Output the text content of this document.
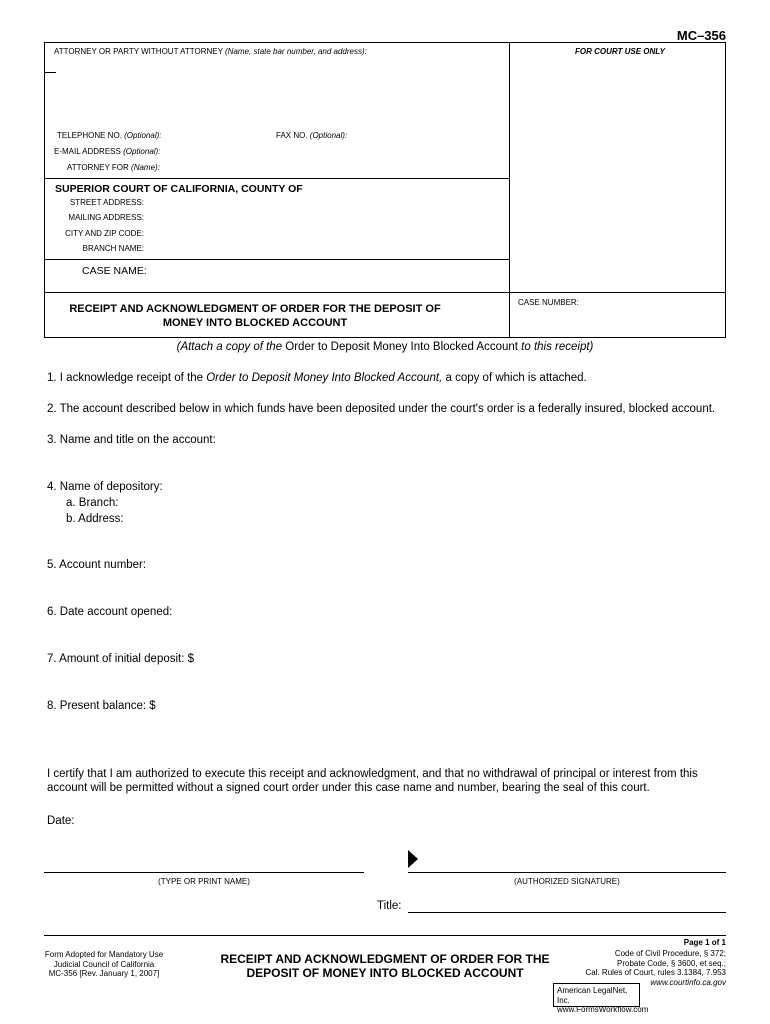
MC–356
ATTORNEY OR PARTY WITHOUT ATTORNEY (Name, state bar number, and address):	FOR COURT USE ONLY
TELEPHONE NO. (Optional):	FAX NO. (Optional):
E-MAIL ADDRESS (Optional):
ATTORNEY FOR (Name):
SUPERIOR COURT OF CALIFORNIA, COUNTY OF
STREET ADDRESS:
MAILING ADDRESS:
CITY AND ZIP CODE:
BRANCH NAME:
CASE NAME:
CASE NUMBER:
RECEIPT AND ACKNOWLEDGMENT OF ORDER FOR THE DEPOSIT OF
MONEY INTO BLOCKED ACCOUNT
(Attach a copy of the Order to Deposit Money Into Blocked Account to this receipt)
1. I acknowledge receipt of the Order to Deposit Money Into Blocked Account, a copy of which is attached.
2. The account described below in which funds have been deposited under the court's order is a federally insured, blocked account.
3. Name and title on the account:
4. Name of depository:
a. Branch:
b. Address:
5. Account number:
6. Date account opened:
7. Amount of initial deposit: $
8. Present balance: $
I certify that I am authorized to execute this receipt and acknowledgment, and that no withdrawal of principal or interest from this
account will be permitted without a signed court order under this case name and number, bearing the seal of this court.
Date:
(TYPE OR PRINT NAME)	(AUTHORIZED SIGNATURE)
Title:
Page 1 of 1
Form Adopted for Mandatory Use
Judicial Council of California
MC-356 [Rev. January 1, 2007]
RECEIPT AND ACKNOWLEDGMENT OF ORDER FOR THE
DEPOSIT OF MONEY INTO BLOCKED ACCOUNT
Code of Civil Procedure, § 372;
Probate Code, § 3600, et seq.;
Cal. Rules of Court, rules 3.1384, 7.953
www.courtinfo.ca.gov
American LegalNet, Inc.
www.FormsWorkflow.com
